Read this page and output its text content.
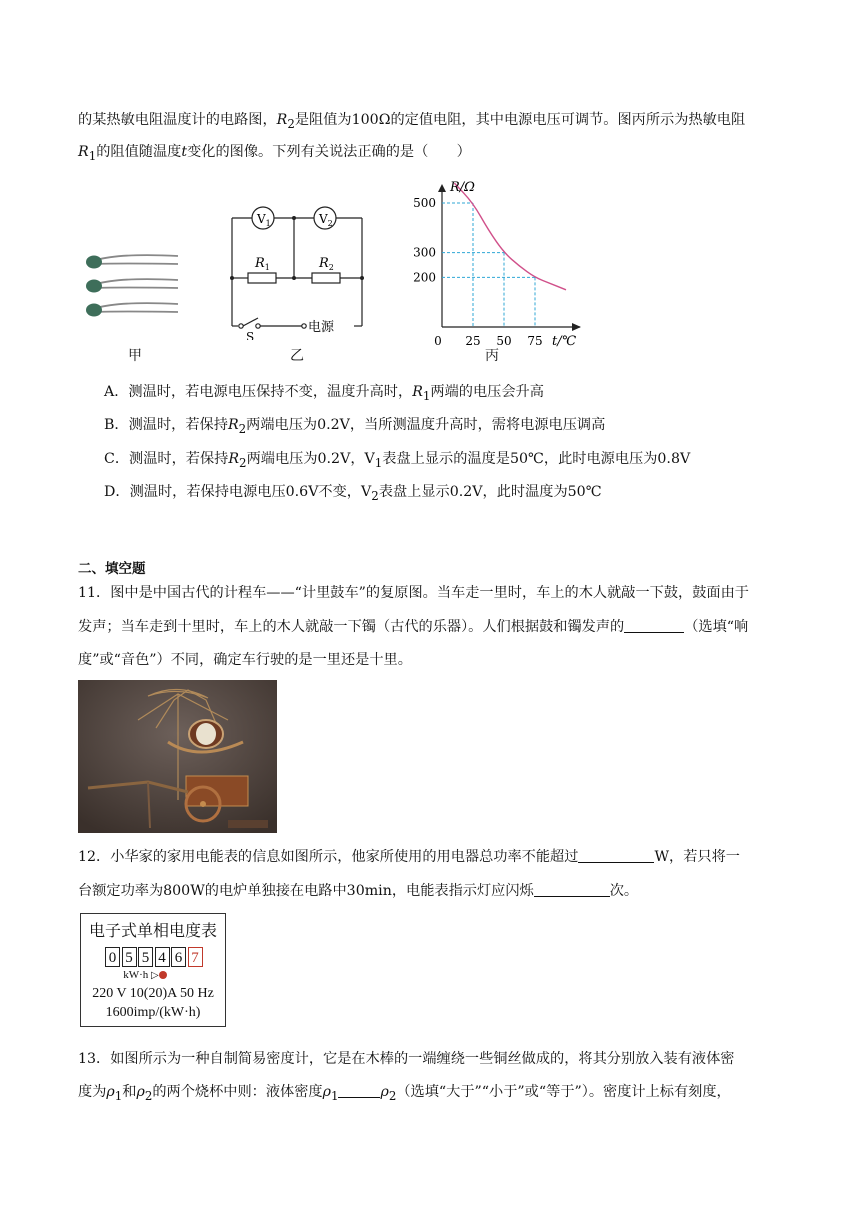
的某热敏电阻温度计的电路图，$R_2$是阻值为100Ω的定值电阻，其中电源电压可调节。图丙所示为热敏电阻
$R_1$的阻值随温度t变化的图像。下列有关说法正确的是（　　）
甲
$V_1$	$V_2$
$R_1$	$R_2$
S
电源
乙
25 50 75
500
300
200
R/Ω
t/℃
0
丙
A．测温时，若电源电压保持不变，温度升高时，$R_1$两端的电压会升高
B．测温时，若保持$R_2$两端电压为0.2V，当所测温度升高时，需将电源电压调高
C．测温时，若保持$R_2$两端电压为0.2V，$V_1$表盘上显示的温度是50℃，此时电源电压为0.8V
D．测温时，若保持电源电压0.6V不变，$V_2$表盘上显示0.2V，此时温度为50℃
二、填空题
11．图中是中国古代的计程车——“计里鼓车”的复原图。当车走一里时，车上的木人就敲一下鼓，鼓面由于
发声；当车走到十里时，车上的木人就敲一下镯（古代的乐器）。人们根据鼓和镯发声的	（选填“响
度”或“音色”）不同，确定车行驶的是一里还是十里。
12．小华家的家用电能表的信息如图所示，他家所使用的用电器总功率不能超过	W，若只将一
台额定功率为800W的电炉单独接在电路中30min，电能表指示灯应闪烁	次。
电子式单相电度表
0 5 5 4 6 7
kW·h ▷
220 V 10(20)A 50 Hz
1600imp/(kW·h)
13．如图所示为一种自制简易密度计，它是在木棒的一端缠绕一些铜丝做成的，将其分别放入装有液体密
度为$\rho_1$和$\rho_2$的两个烧杯中则：液体密度$\rho_1$	$\rho_2$（选填“大于”“小于”或“等于”）。密度计上标有刻度，
